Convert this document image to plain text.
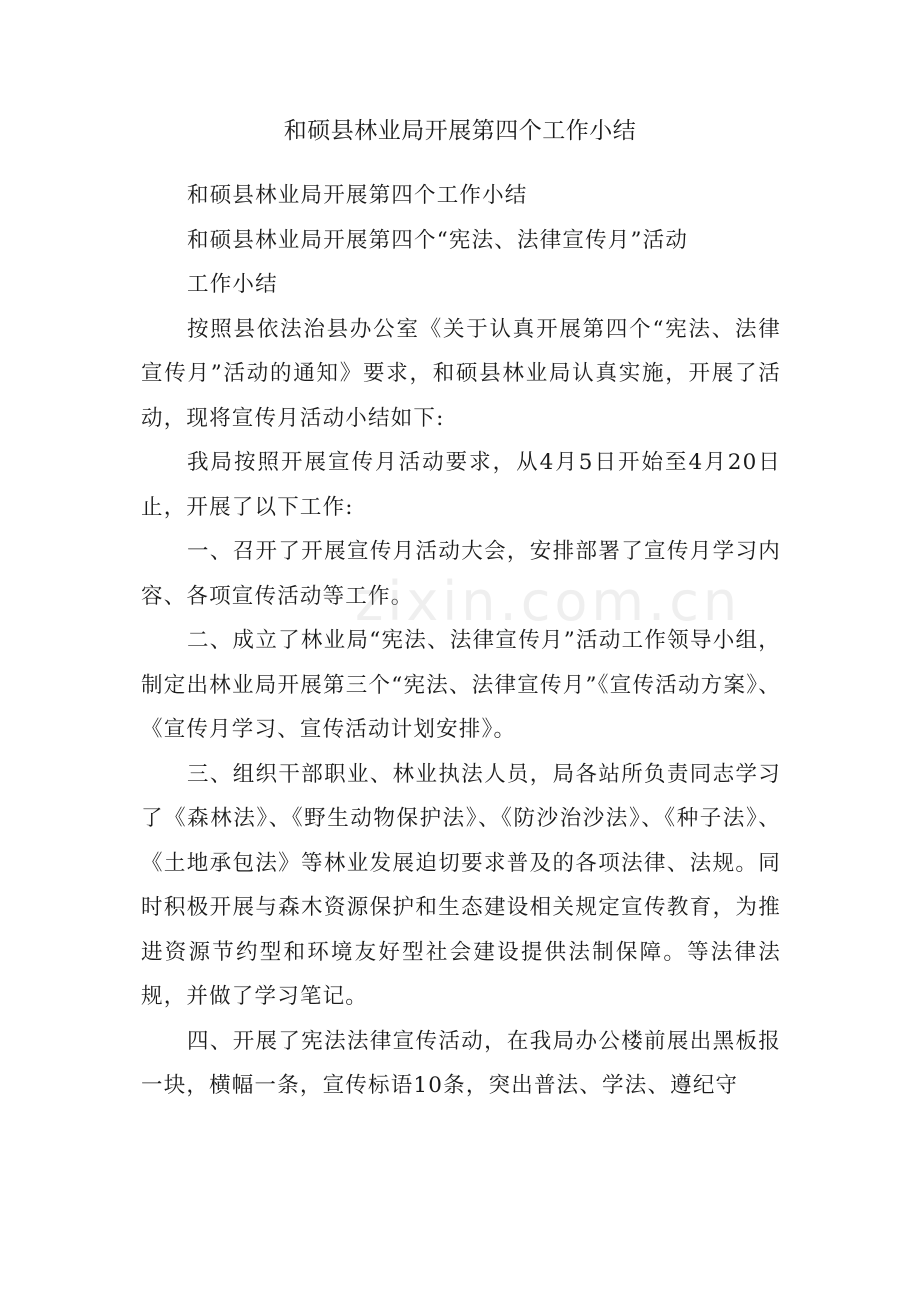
和硕县林业局开展第四个工作小结

和硕县林业局开展第四个工作小结

和硕县林业局开展第四个“宪法、法律宣传月”活动

工作小结

按照县依法治县办公室《关于认真开展第四个“宪法、法律宣传月”活动的通知》要求，和硕县林业局认真实施，开展了活动，现将宣传月活动小结如下:

我局按照开展宣传月活动要求，从4月5日开始至4月20日止，开展了以下工作:

一、召开了开展宣传月活动大会，安排部署了宣传月学习内容、各项宣传活动等工作。

二、成立了林业局“宪法、法律宣传月”活动工作领导小组，制定出林业局开展第三个“宪法、法律宣传月”《宣传活动方案》、《宣传月学习、宣传活动计划安排》。

三、组织干部职业、林业执法人员，局各站所负责同志学习了《森林法》、《野生动物保护法》、《防沙治沙法》、《种子法》、《土地承包法》等林业发展迫切要求普及的各项法律、法规。同时积极开展与森木资源保护和生态建设相关规定宣传教育，为推进资源节约型和环境友好型社会建设提供法制保障。等法律法规，并做了学习笔记。

四、开展了宪法法律宣传活动，在我局办公楼前展出黑板报一块，横幅一条，宣传标语10条，突出普法、学法、遵纪守

zixin.com.cn
